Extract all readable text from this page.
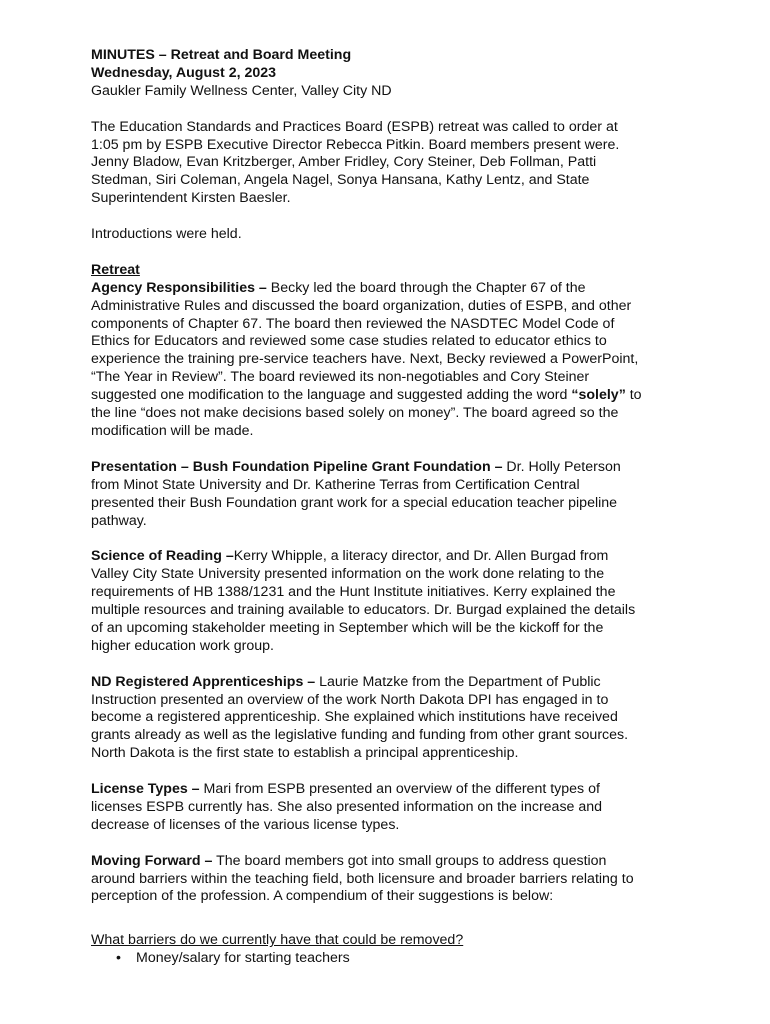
MINUTES – Retreat and Board Meeting
Wednesday, August 2, 2023
Gaukler Family Wellness Center, Valley City ND
The Education Standards and Practices Board (ESPB) retreat was called to order at
1:05 pm by ESPB Executive Director Rebecca Pitkin. Board members present were.
Jenny Bladow, Evan Kritzberger, Amber Fridley, Cory Steiner, Deb Follman, Patti
Stedman, Siri Coleman, Angela Nagel, Sonya Hansana, Kathy Lentz, and State
Superintendent Kirsten Baesler.
Introductions were held.
Retreat
Agency Responsibilities – Becky led the board through the Chapter 67 of the
Administrative Rules and discussed the board organization, duties of ESPB, and other
components of Chapter 67. The board then reviewed the NASDTEC Model Code of
Ethics for Educators and reviewed some case studies related to educator ethics to
experience the training pre-service teachers have. Next, Becky reviewed a PowerPoint,
“The Year in Review”. The board reviewed its non-negotiables and Cory Steiner
suggested one modification to the language and suggested adding the word “solely” to
the line “does not make decisions based solely on money”. The board agreed so the
modification will be made.
Presentation – Bush Foundation Pipeline Grant Foundation – Dr. Holly Peterson
from Minot State University and Dr. Katherine Terras from Certification Central
presented their Bush Foundation grant work for a special education teacher pipeline
pathway.
Science of Reading –Kerry Whipple, a literacy director, and Dr. Allen Burgad from
Valley City State University presented information on the work done relating to the
requirements of HB 1388/1231 and the Hunt Institute initiatives. Kerry explained the
multiple resources and training available to educators. Dr. Burgad explained the details
of an upcoming stakeholder meeting in September which will be the kickoff for the
higher education work group.
ND Registered Apprenticeships – Laurie Matzke from the Department of Public
Instruction presented an overview of the work North Dakota DPI has engaged in to
become a registered apprenticeship. She explained which institutions have received
grants already as well as the legislative funding and funding from other grant sources.
North Dakota is the first state to establish a principal apprenticeship.
License Types – Mari from ESPB presented an overview of the different types of
licenses ESPB currently has. She also presented information on the increase and
decrease of licenses of the various license types.
Moving Forward – The board members got into small groups to address question
around barriers within the teaching field, both licensure and broader barriers relating to
perception of the profession. A compendium of their suggestions is below:
What barriers do we currently have that could be removed?
• Money/salary for starting teachers
